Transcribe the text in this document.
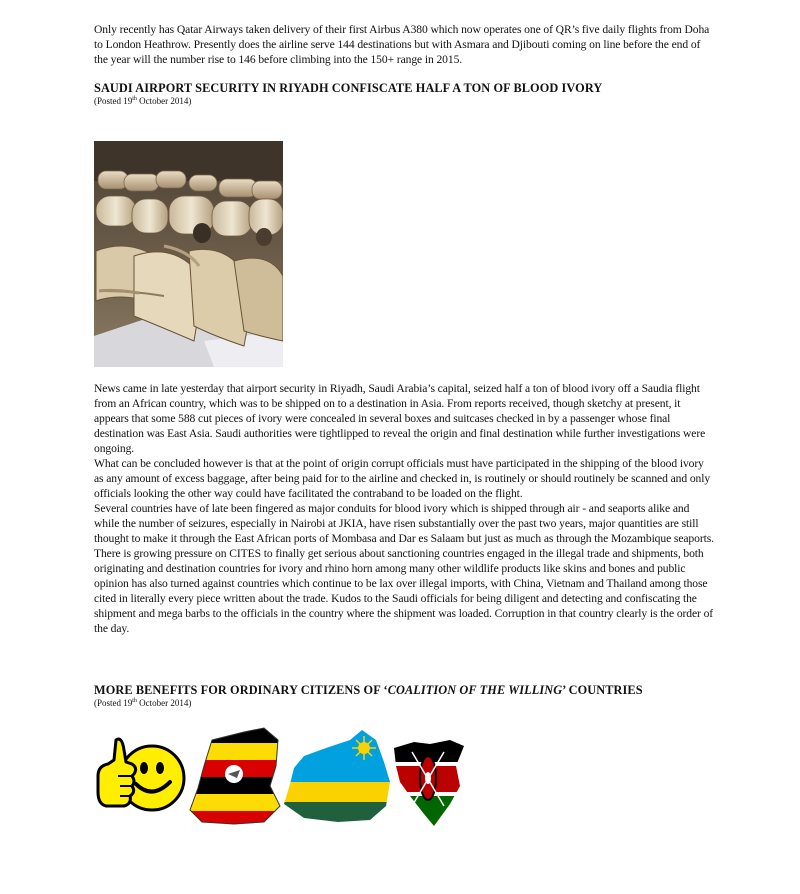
Only recently has Qatar Airways taken delivery of their first Airbus A380 which now operates one of QR’s five daily flights from Doha to London Heathrow. Presently does the airline serve 144 destinations but with Asmara and Djibouti coming on line before the end of the year will the number rise to 146 before climbing into the 150+ range in 2015.

SAUDI AIRPORT SECURITY IN RIYADH CONFISCATE HALF A TON OF BLOOD IVORY
(Posted 19th October 2014)

News came in late yesterday that airport security in Riyadh, Saudi Arabia’s capital, seized half a ton of blood ivory off a Saudia flight from an African country, which was to be shipped on to a destination in Asia. From reports received, though sketchy at present, it appears that some 588 cut pieces of ivory were concealed in several boxes and suitcases checked in by a passenger whose final destination was East Asia. Saudi authorities were tightlipped to reveal the origin and final destination while further investigations were ongoing.

What can be concluded however is that at the point of origin corrupt officials must have participated in the shipping of the blood ivory as any amount of excess baggage, after being paid for to the airline and checked in, is routinely or should routinely be scanned and only officials looking the other way could have facilitated the contraband to be loaded on the flight.

Several countries have of late been fingered as major conduits for blood ivory which is shipped through air - and seaports alike and while the number of seizures, especially in Nairobi at JKIA, have risen substantially over the past two years, major quantities are still thought to make it through the East African ports of Mombasa and Dar es Salaam but just as much as through the Mozambique seaports.

There is growing pressure on CITES to finally get serious about sanctioning countries engaged in the illegal trade and shipments, both originating and destination countries for ivory and rhino horn among many other wildlife products like skins and bones and public opinion has also turned against countries which continue to be lax over illegal imports, with China, Vietnam and Thailand among those cited in literally every piece written about the trade. Kudos to the Saudi officials for being diligent and detecting and confiscating the shipment and mega barbs to the officials in the country where the shipment was loaded. Corruption in that country clearly is the order of the day.

MORE BENEFITS FOR ORDINARY CITIZENS OF ‘COALITION OF THE WILLING’ COUNTRIES
(Posted 19th October 2014)
